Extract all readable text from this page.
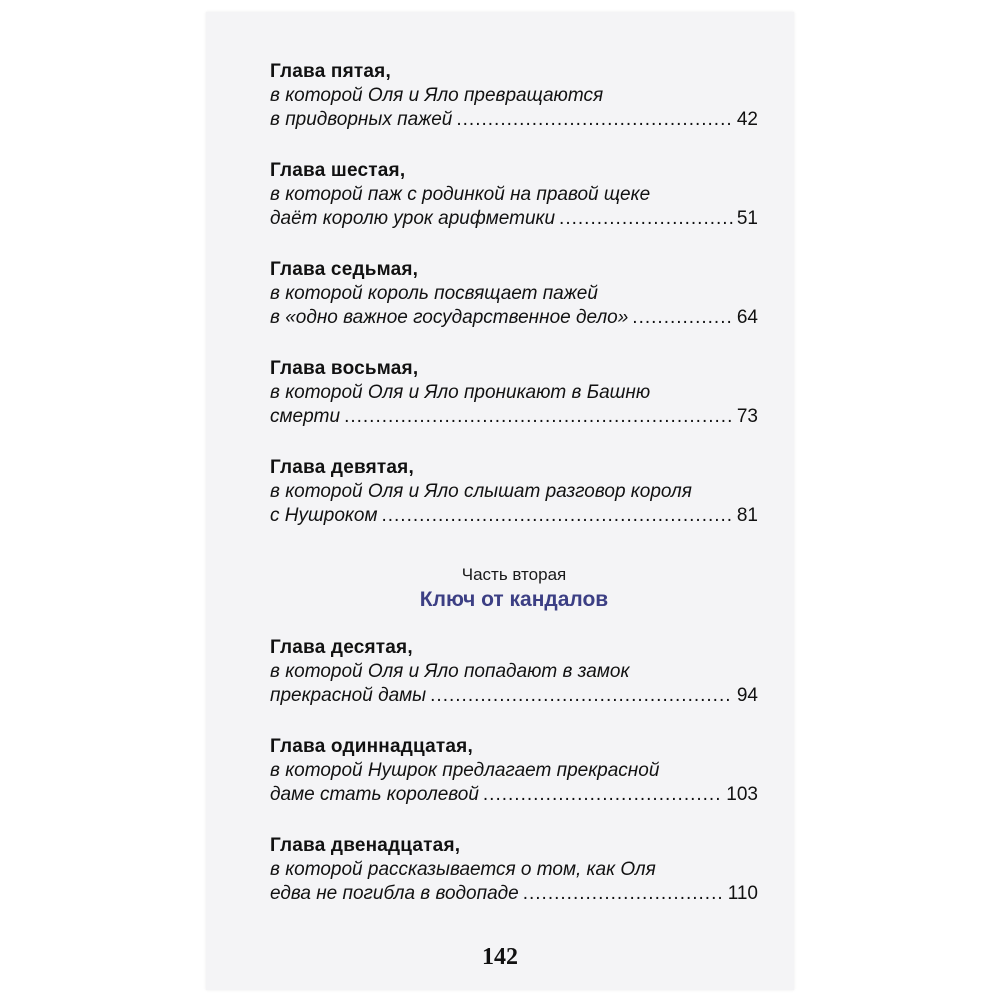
Глава пятая,
в которой Оля и Яло превращаются
в придворных пажей .....	42
Глава шестая,
в которой паж с родинкой на правой щеке
даёт королю урок арифметики .....	51
Глава седьмая,
в которой король посвящает пажей
в «одно важное государственное дело» .....	64
Глава восьмая,
в которой Оля и Яло проникают в Башню
смерти .....	73
Глава девятая,
в которой Оля и Яло слышат разговор короля
с Нушроком .....	81
Часть вторая
Ключ от кандалов
Глава десятая,
в которой Оля и Яло попадают в замок
прекрасной дамы .....	94
Глава одиннадцатая,
в которой Нушрок предлагает прекрасной
даме стать королевой .....	103
Глава двенадцатая,
в которой рассказывается о том, как Оля
едва не погибла в водопаде .....	110
142
